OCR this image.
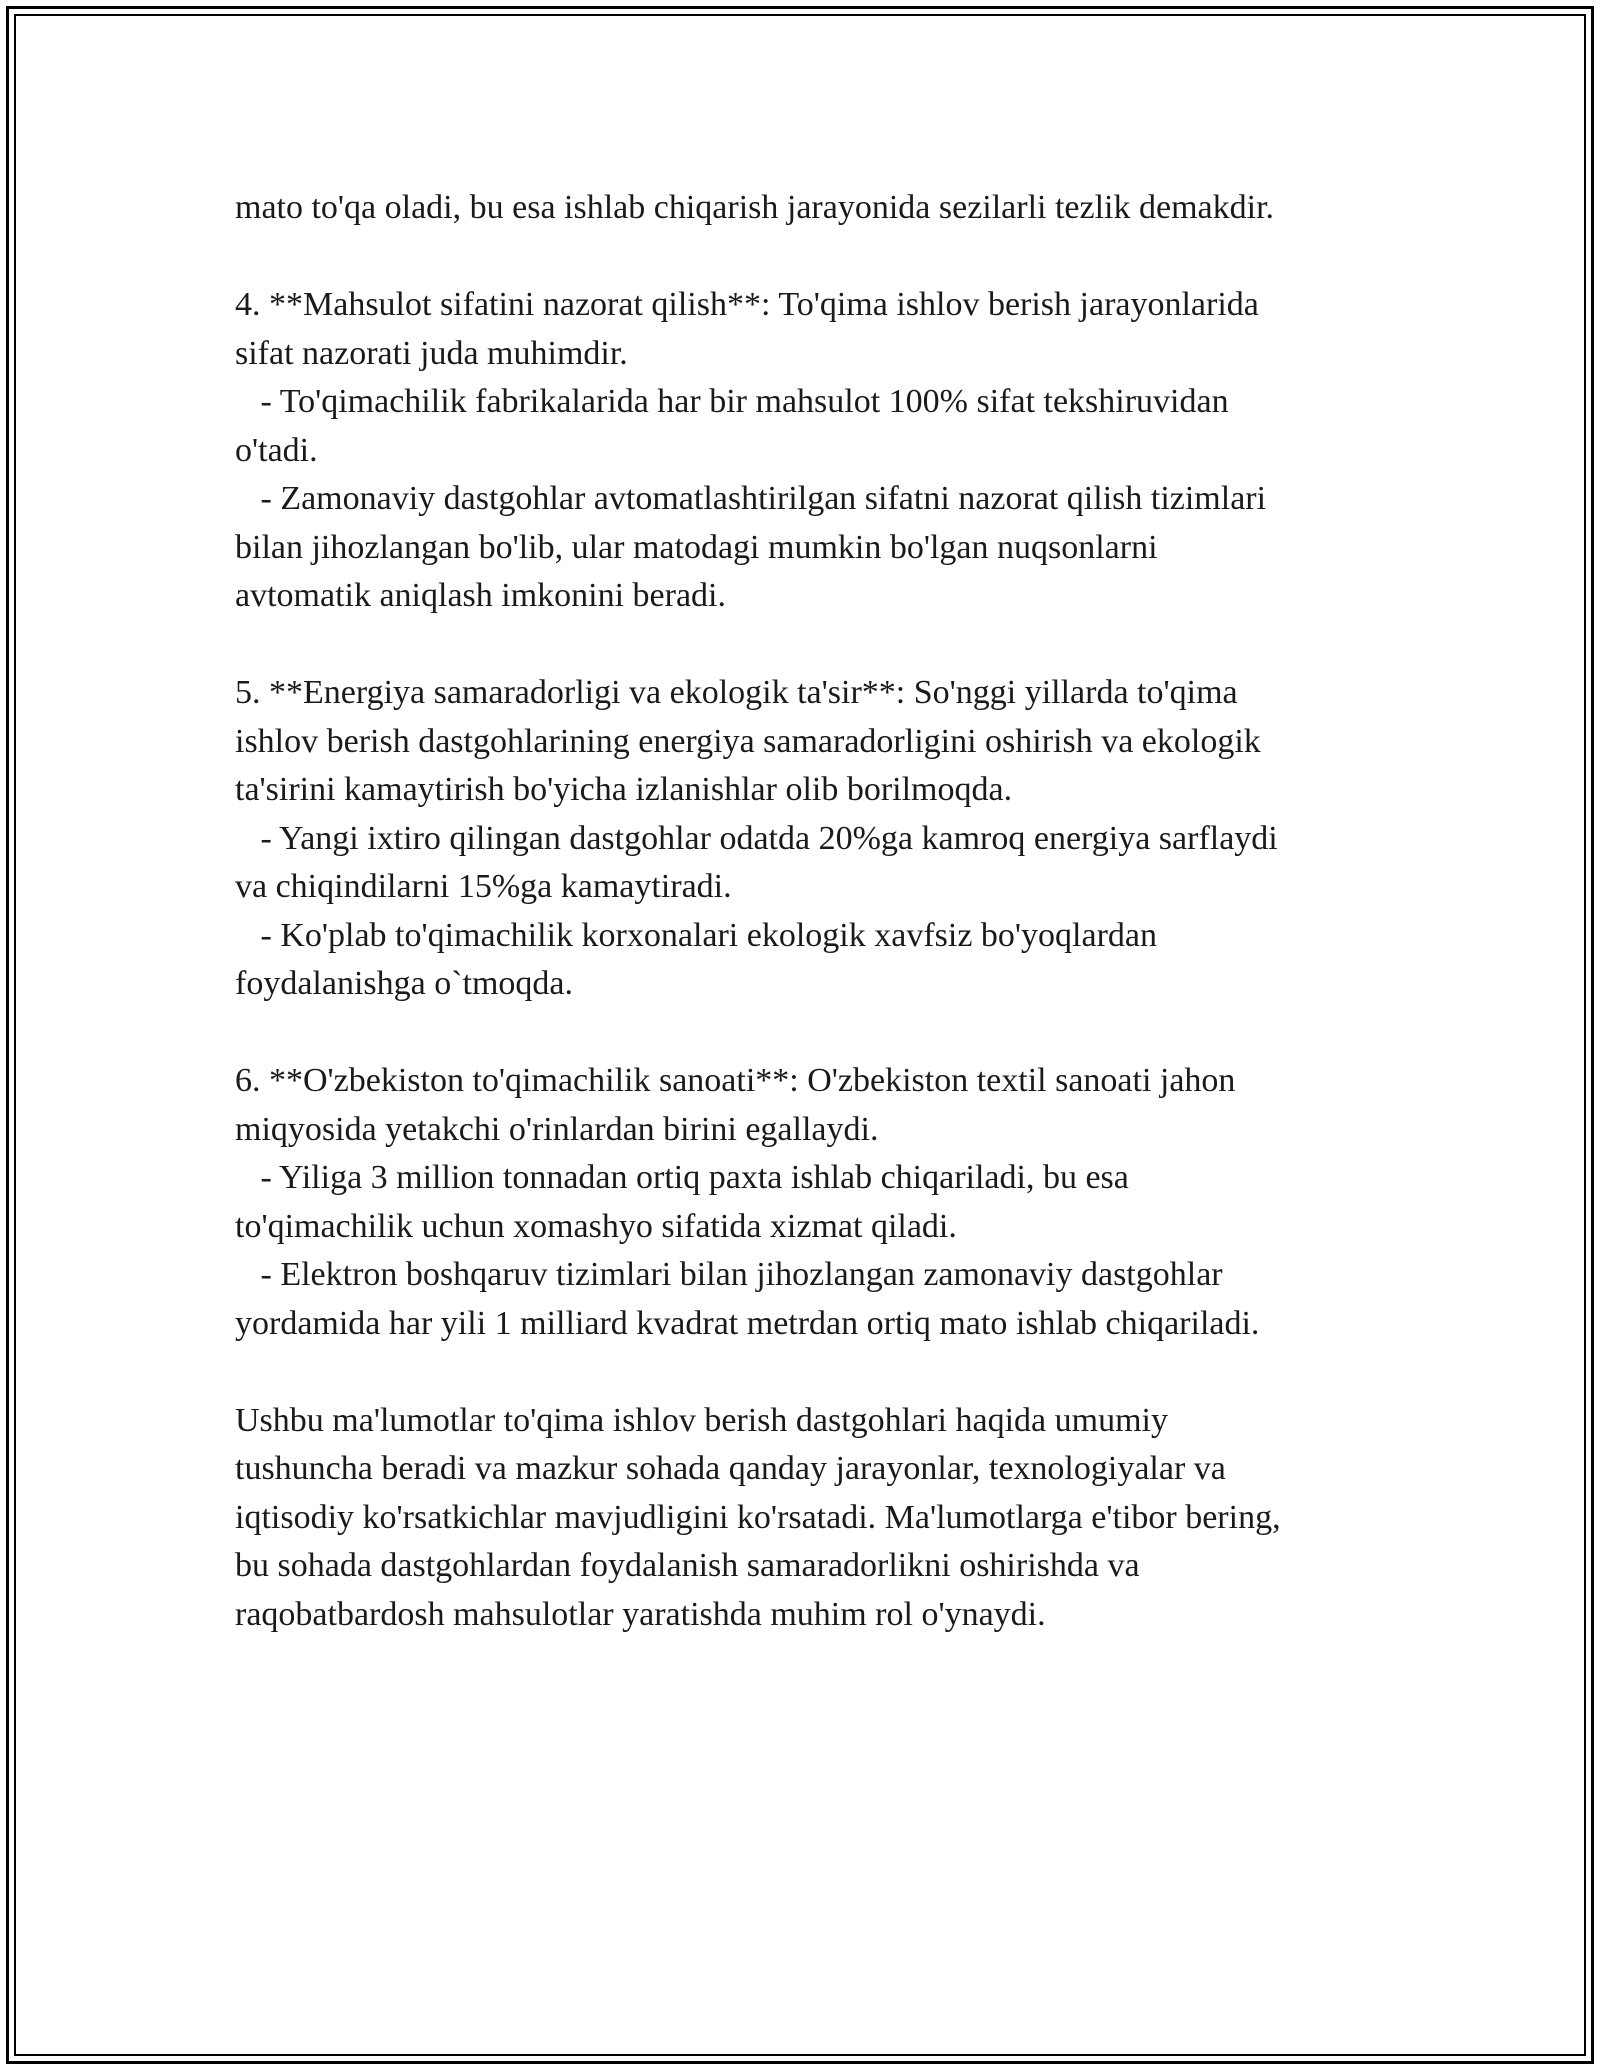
mato to'qa oladi, bu esa ishlab chiqarish jarayonida sezilarli tezlik demakdir.

4. **Mahsulot sifatini nazorat qilish**: To'qima ishlov berish jarayonlarida

sifat nazorati juda muhimdir.

- To'qimachilik fabrikalarida har bir mahsulot 100% sifat tekshiruvidan

o'tadi.

- Zamonaviy dastgohlar avtomatlashtirilgan sifatni nazorat qilish tizimlari

bilan jihozlangan bo'lib, ular matodagi mumkin bo'lgan nuqsonlarni

avtomatik aniqlash imkonini beradi.

5. **Energiya samaradorligi va ekologik ta'sir**: So'nggi yillarda to'qima

ishlov berish dastgohlarining energiya samaradorligini oshirish va ekologik

ta'sirini kamaytirish bo'yicha izlanishlar olib borilmoqda.

- Yangi ixtiro qilingan dastgohlar odatda 20%ga kamroq energiya sarflaydi

va chiqindilarni 15%ga kamaytiradi.

- Ko'plab to'qimachilik korxonalari ekologik xavfsiz bo'yoqlardan

foydalanishga o`tmoqda.

6. **O'zbekiston to'qimachilik sanoati**: O'zbekiston textil sanoati jahon

miqyosida yetakchi o'rinlardan birini egallaydi.

- Yiliga 3 million tonnadan ortiq paxta ishlab chiqariladi, bu esa

to'qimachilik uchun xomashyo sifatida xizmat qiladi.

- Elektron boshqaruv tizimlari bilan jihozlangan zamonaviy dastgohlar

yordamida har yili 1 milliard kvadrat metrdan ortiq mato ishlab chiqariladi.

Ushbu ma'lumotlar to'qima ishlov berish dastgohlari haqida umumiy

tushuncha beradi va mazkur sohada qanday jarayonlar, texnologiyalar va

iqtisodiy ko'rsatkichlar mavjudligini ko'rsatadi. Ma'lumotlarga e'tibor bering,

bu sohada dastgohlardan foydalanish samaradorlikni oshirishda va

raqobatbardosh mahsulotlar yaratishda muhim rol o'ynaydi.
